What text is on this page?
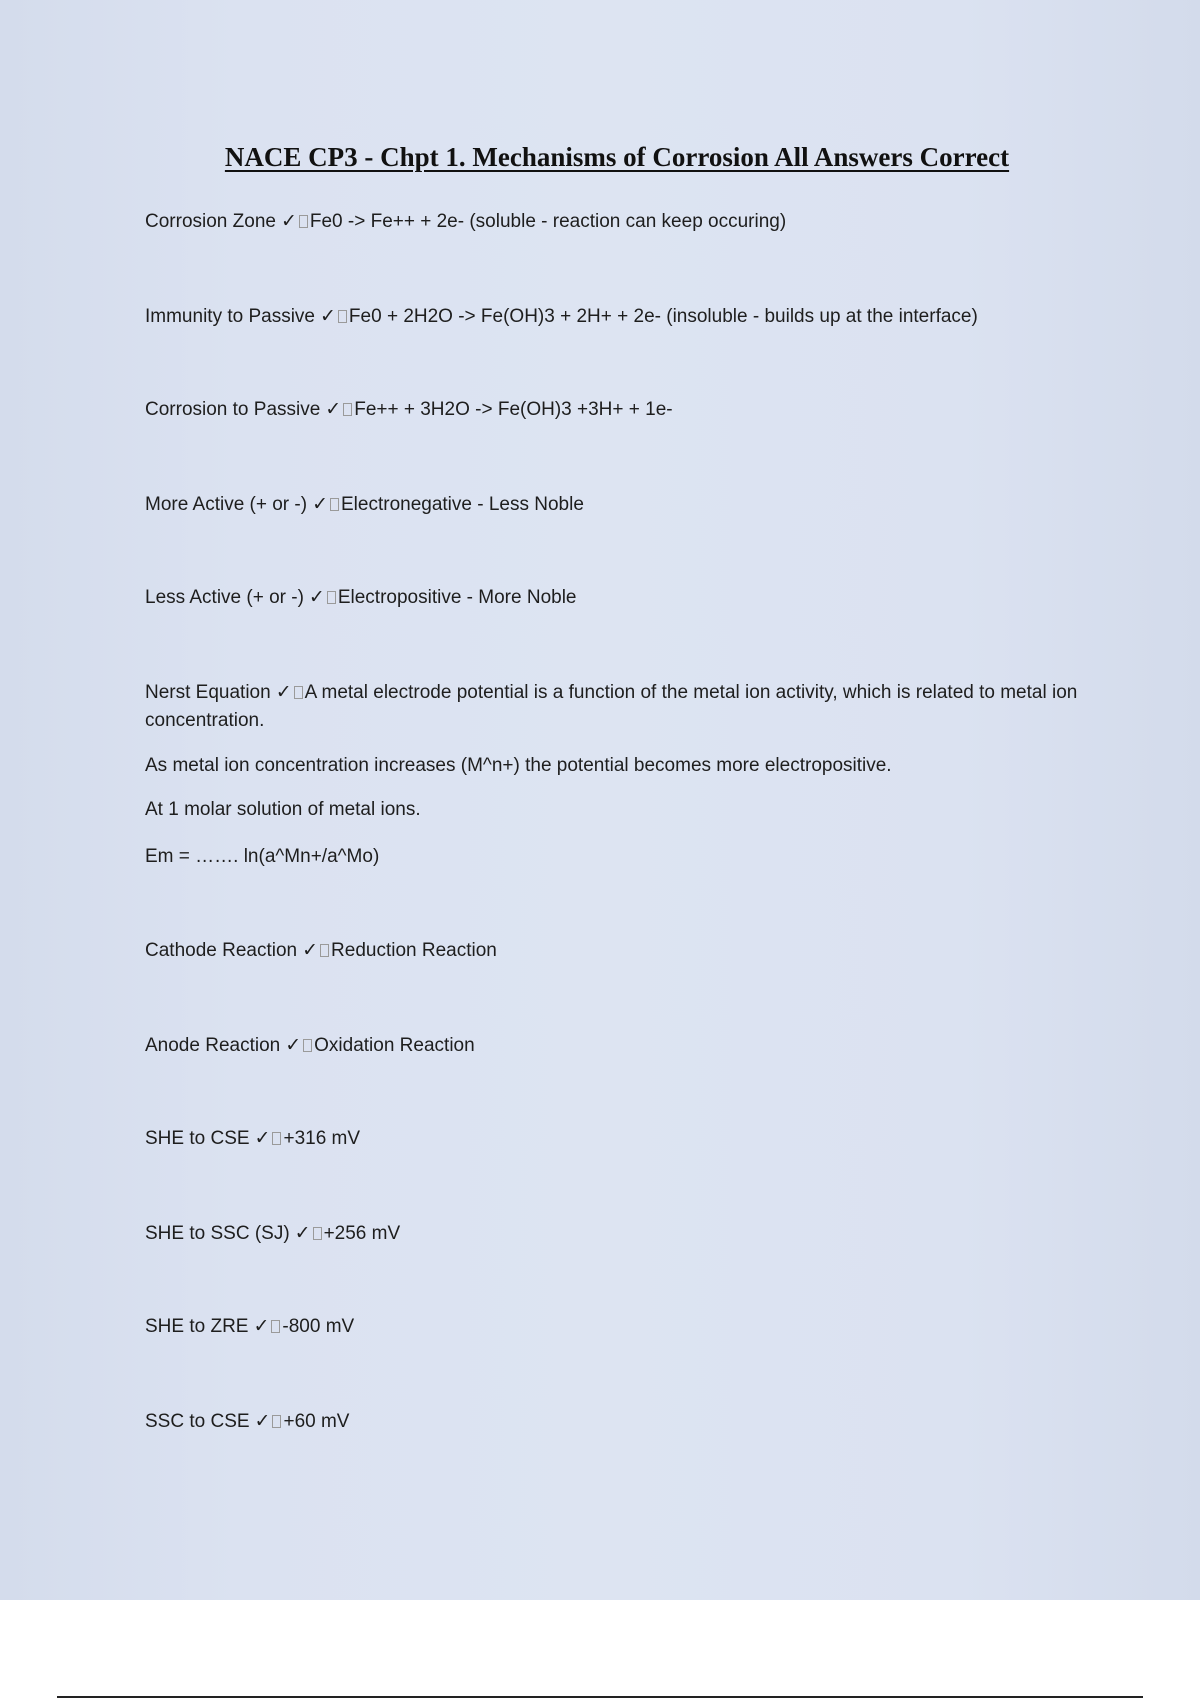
NACE CP3 - Chpt 1. Mechanisms of Corrosion All Answers Correct

Corrosion Zone ✓ Fe0 -> Fe++ + 2e- (soluble - reaction can keep occuring)

Immunity to Passive ✓ Fe0 + 2H2O -> Fe(OH)3 + 2H+ + 2e- (insoluble - builds up at the interface)

Corrosion to Passive ✓ Fe++ + 3H2O -> Fe(OH)3 +3H+ + 1e-

More Active (+ or -) ✓ Electronegative - Less Noble

Less Active (+ or -) ✓ Electropositive - More Noble

Nerst Equation ✓ A metal electrode potential is a function of the metal ion activity, which is related to metal ion concentration.

As metal ion concentration increases (M^n+) the potential becomes more electropositive.

At 1 molar solution of metal ions.

Em = ……. ln(a^Mn+/a^Mo)

Cathode Reaction ✓ Reduction Reaction

Anode Reaction ✓ Oxidation Reaction

SHE to CSE ✓ +316 mV

SHE to SSC (SJ) ✓ +256 mV

SHE to ZRE ✓ -800 mV

SSC to CSE ✓ +60 mV
